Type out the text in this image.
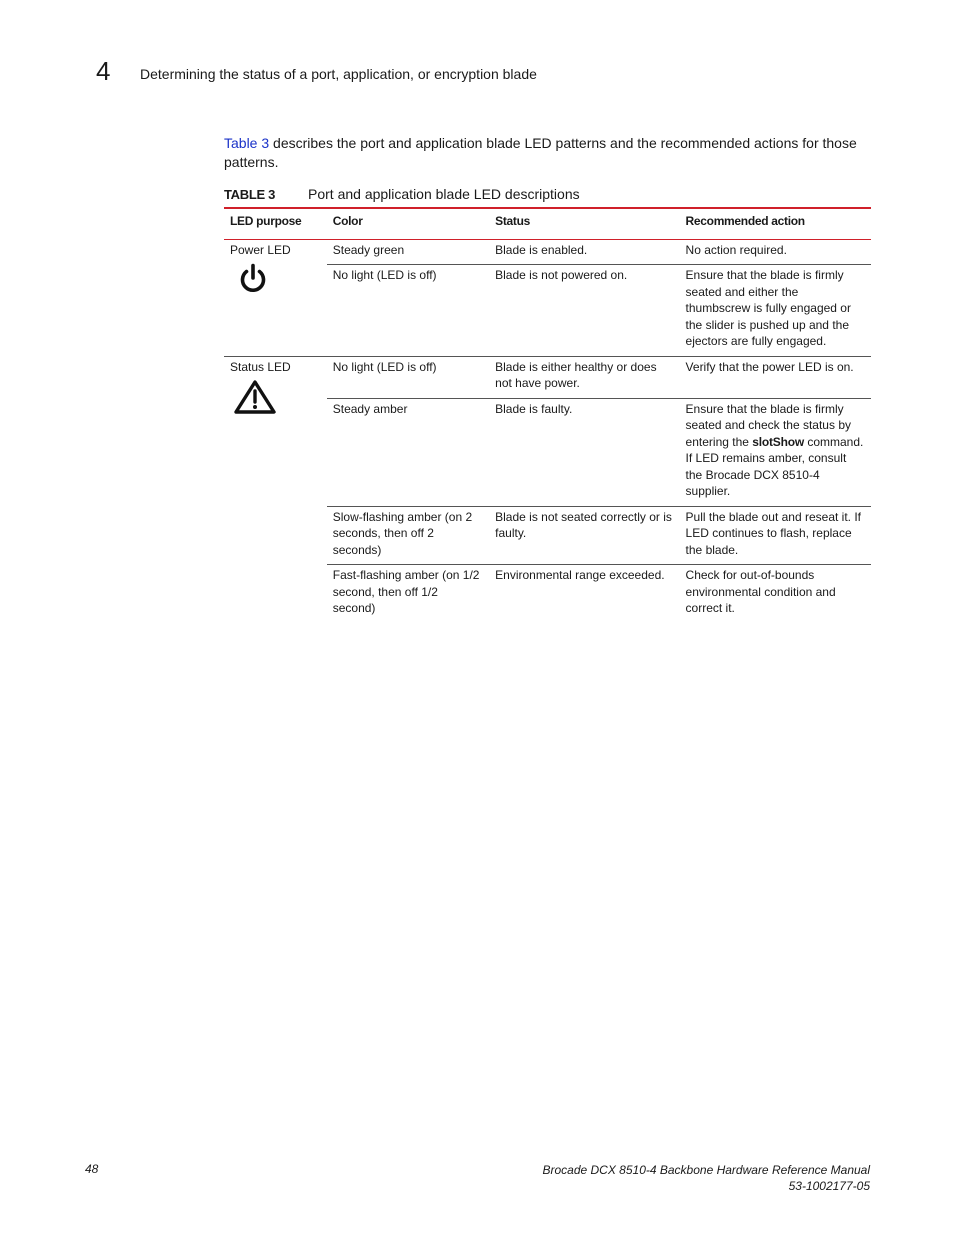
4 Determining the status of a port, application, or encryption blade

Table 3 describes the port and application blade LED patterns and the recommended actions for those patterns.

TABLE 3 Port and application blade LED descriptions
LED purpose	Color	Status	Recommended action
Power LED	Steady green	Blade is enabled.	No action required.
	No light (LED is off)	Blade is not powered on.	Ensure that the blade is firmly seated and either the thumbscrew is fully engaged or the slider is pushed up and the ejectors are fully engaged.
Status LED	No light (LED is off)	Blade is either healthy or does not have power.	Verify that the power LED is on.
	Steady amber	Blade is faulty.	Ensure that the blade is firmly seated and check the status by entering the slotShow command. If LED remains amber, consult the Brocade DCX 8510-4 supplier.
	Slow-flashing amber (on 2 seconds, then off 2 seconds)	Blade is not seated correctly or is faulty.	Pull the blade out and reseat it. If LED continues to flash, replace the blade.
	Fast-flashing amber (on 1/2 second, then off 1/2 second)	Environmental range exceeded.	Check for out-of-bounds environmental condition and correct it.
48	Brocade DCX 8510-4 Backbone Hardware Reference Manual
53-1002177-05
